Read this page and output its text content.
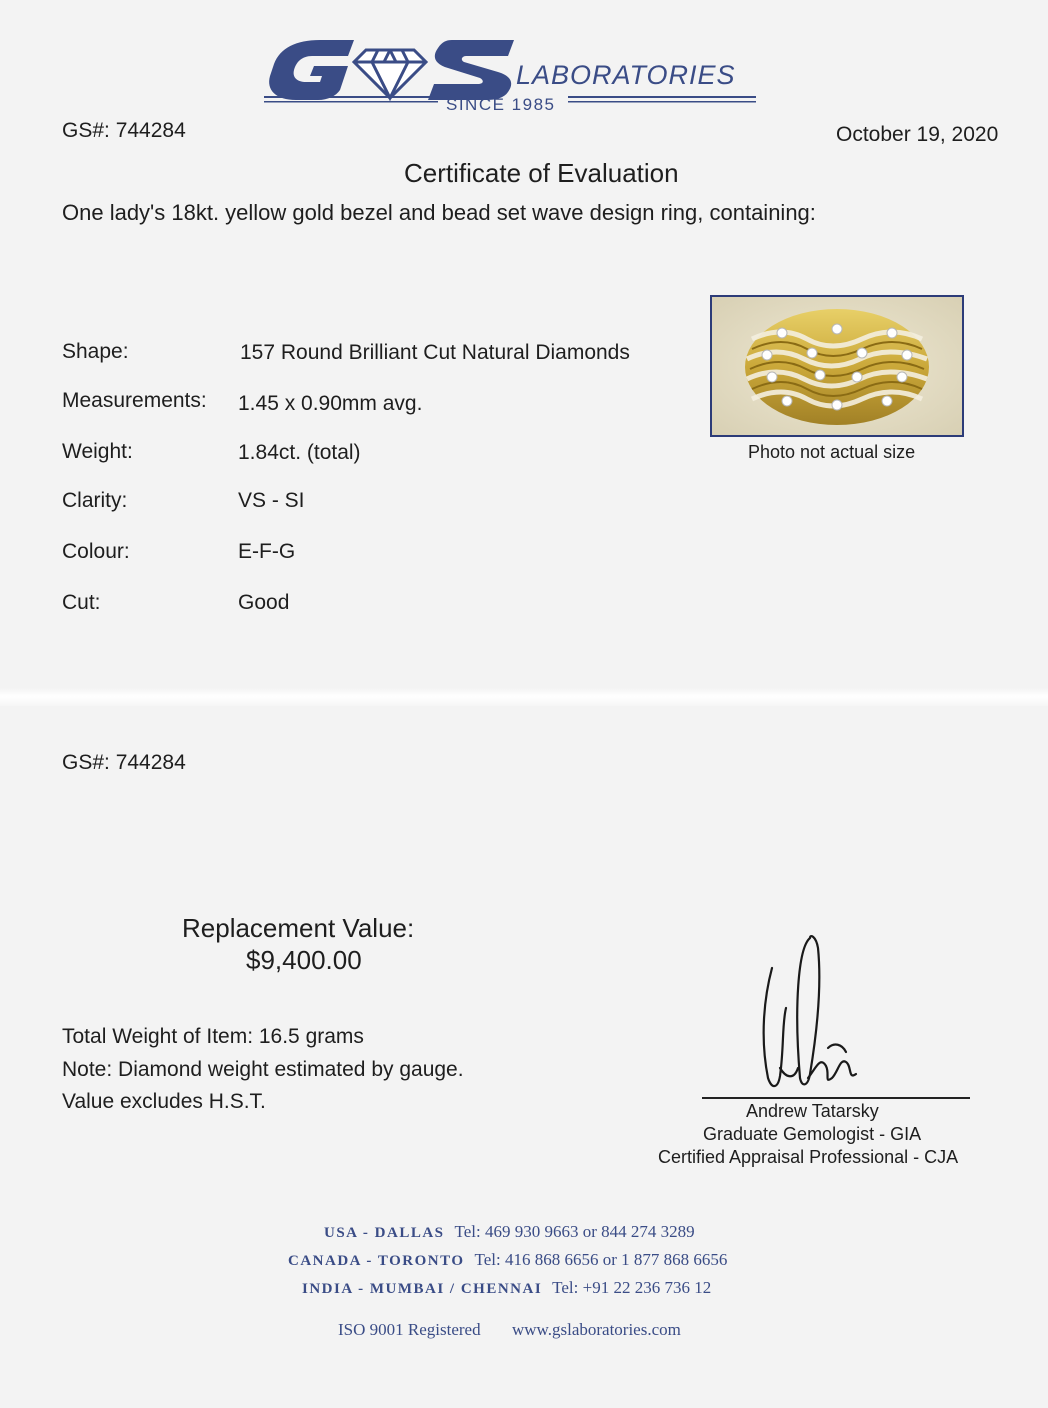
LABORATORIES
SINCE 1985
GS#: 744284	October 19, 2020
Certificate of Evaluation
One lady's 18kt. yellow gold bezel and bead set wave design ring, containing:
Shape:	157 Round Brilliant Cut Natural Diamonds
Measurements: 1.45 x 0.90mm avg.
Weight:	1.84ct. (total)
Clarity:	VS - SI
Colour:	E-F-G
Cut:	Good
Photo not actual size
GS#: 744284
Replacement Value:
$9,400.00
Total Weight of Item: 16.5 grams
Note: Diamond weight estimated by gauge.
Value excludes H.S.T.	Andrew Tatarsky
Graduate Gemologist - GIA
Certified Appraisal Professional - CJA
USA - DALLAS Tel: 469 930 9663 or 844 274 3289
CANADA - TORONTO Tel: 416 868 6656 or 1 877 868 6656
INDIA - MUMBAI / CHENNAI Tel: +91 22 236 736 12
ISO 9001 Registered www.gslaboratories.com
